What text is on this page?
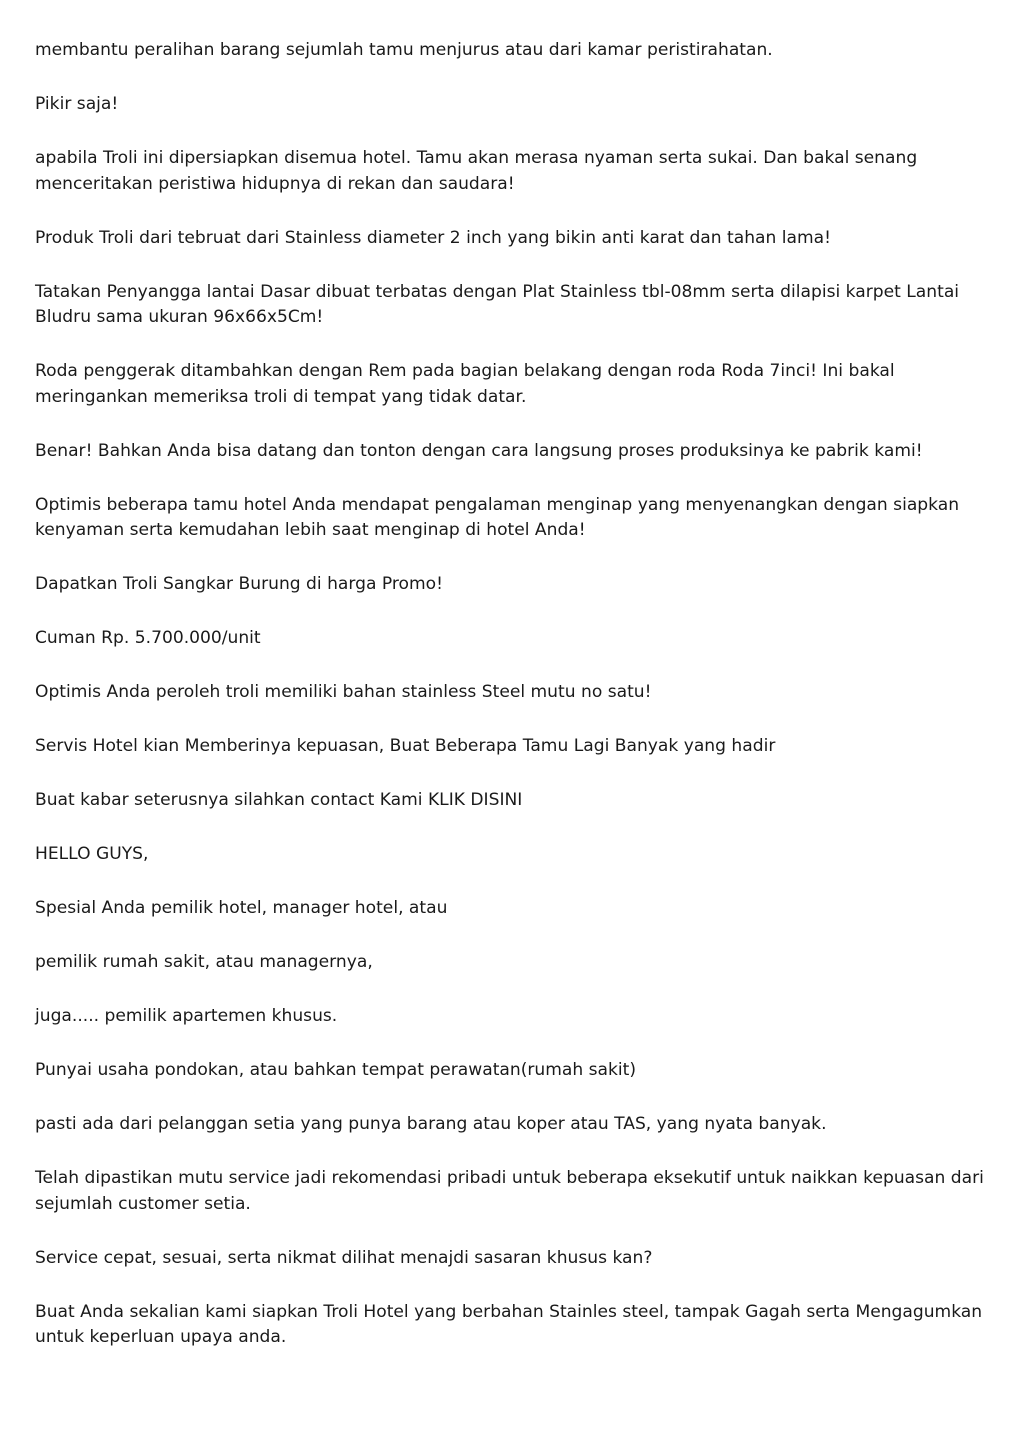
membantu peralihan barang sejumlah tamu menjurus atau dari kamar peristirahatan.

Pikir saja!

apabila Troli ini dipersiapkan disemua hotel. Tamu akan merasa nyaman serta sukai. Dan bakal senang menceritakan peristiwa hidupnya di rekan dan saudara!

Produk Troli dari tebruat dari Stainless diameter 2 inch yang bikin anti karat dan tahan lama!

Tatakan Penyangga lantai Dasar dibuat terbatas dengan Plat Stainless tbl-08mm serta dilapisi karpet Lantai Bludru sama ukuran 96x66x5Cm!

Roda penggerak ditambahkan dengan Rem pada bagian belakang dengan roda Roda 7inci! Ini bakal meringankan memeriksa troli di tempat yang tidak datar.

Benar! Bahkan Anda bisa datang dan tonton dengan cara langsung proses produksinya ke pabrik kami!

Optimis beberapa tamu hotel Anda mendapat pengalaman menginap yang menyenangkan dengan siapkan kenyaman serta kemudahan lebih saat menginap di hotel Anda!

Dapatkan Troli Sangkar Burung di harga Promo!

Cuman Rp. 5.700.000/unit

Optimis Anda peroleh troli memiliki bahan stainless Steel mutu no satu!

Servis Hotel kian Memberinya kepuasan, Buat Beberapa Tamu Lagi Banyak yang hadir

Buat kabar seterusnya silahkan contact Kami KLIK DISINI

HELLO GUYS,

Spesial Anda pemilik hotel, manager hotel, atau

pemilik rumah sakit, atau managernya,

juga..... pemilik apartemen khusus.

Punyai usaha pondokan, atau bahkan tempat perawatan(rumah sakit)

pasti ada dari pelanggan setia yang punya barang atau koper atau TAS, yang nyata banyak.

Telah dipastikan mutu service jadi rekomendasi pribadi untuk beberapa eksekutif untuk naikkan kepuasan dari sejumlah customer setia.

Service cepat, sesuai, serta nikmat dilihat menajdi sasaran khusus kan?

Buat Anda sekalian kami siapkan Troli Hotel yang berbahan Stainles steel, tampak Gagah serta Mengagumkan untuk keperluan upaya anda.
